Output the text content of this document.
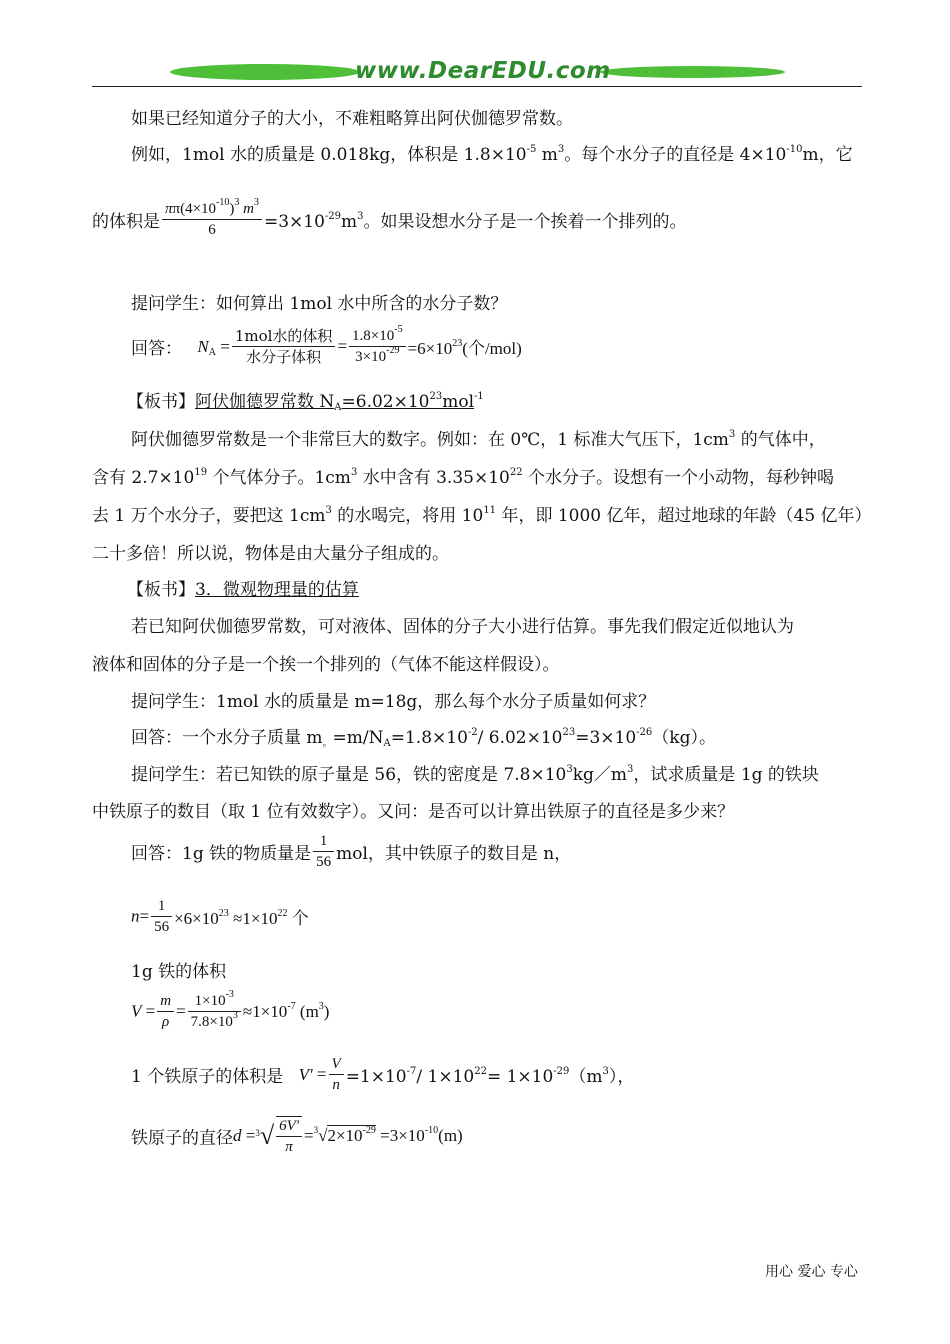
www.DearEDU.com
如果已经知道分子的大小，不难粗略算出阿伏伽德罗常数。
例如，1mol 水的质量是 0.018kg，体积是 $1.8\times 10^{-5}$ $m^3$。每个水分子的直径是 $4\times 10^{-10}m$，它
的体积是 $\frac{\pi\pi(4\times 10^{-10})^3 m^3}{6} =3\times 10^{-29}m^3$。如果设想水分子是一个挨着一个排列的。
提问学生：如何算出 1mol 水中所含的水分子数？
回答： $N_A = \frac{\text{1mol水的体积}}{\text{水分子体积}} = \frac{1.8\times 10^{-5}}{3\times 10^{-29}} =6\times 10^{23}$(个/mol)
【板书】阿伏伽德罗常数 $N_A=6.02\times 10^{23}mol^{-1}$
阿伏伽德罗常数是一个非常巨大的数字。例如：在 0℃，1 标准大气压下，$1cm^3$ 的气体中，
含有 $2.7\times 10^{19}$ 个气体分子。$1cm^3$ 水中含有 $3.35\times 10^{22}$ 个水分子。设想有一个小动物，每秒钟喝
去 1 万个水分子，要把这 $1cm^3$ 的水喝完，将用 $10^{11}$ 年，即 1000 亿年，超过地球的年龄（45 亿年）
二十多倍！所以说，物体是由大量分子组成的。
【板书】3．微观物理量的估算
若已知阿伏伽德罗常数，可对液体、固体的分子大小进行估算。事先我们假定近似地认为
液体和固体的分子是一个挨一个排列的（气体不能这样假设）。
提问学生：1mol 水的质量是 m=18g，那么每个水分子质量如何求？
回答：一个水分子质量 $m_。=m/N_A=1.8\times 10^{-2}/$ $6.02\times 10^{23}=3\times 10^{-26}(kg)$。
提问学生：若已知铁的原子量是 56，铁的密度是 $7.8\times 10^3kg/m^3$，试求质量是 1g 的铁块
中铁原子的数目（取 1 位有效数字）。又问：是否可以计算出铁原子的直径是多少来？
回答：1g 铁的物质量是 $\frac{1}{56}$ mol，其中铁原子的数目是 n，
$n= \frac{1}{56} \times 6\times 10^{23} \approx 1\times 10^{22}$ 个
1g 铁的体积
$V = \frac{m}{\rho} = \frac{1\times 10^{-3}}{7.8\times 10^3} \approx 1\times 10^{-7}$ $(m^3)$
1 个铁原子的体积是 $V' = \frac{V}{n} =1\times 10^{-7}/$ $1\times 10^{22}= 1\times 10^{-29}(m^3)$，
铁原子的直径$d =^3√ \frac{6V'}{\pi} =^3√2\times 10^{-29} =3\times 10^{-10}(m)$
用心 爱心 专心
